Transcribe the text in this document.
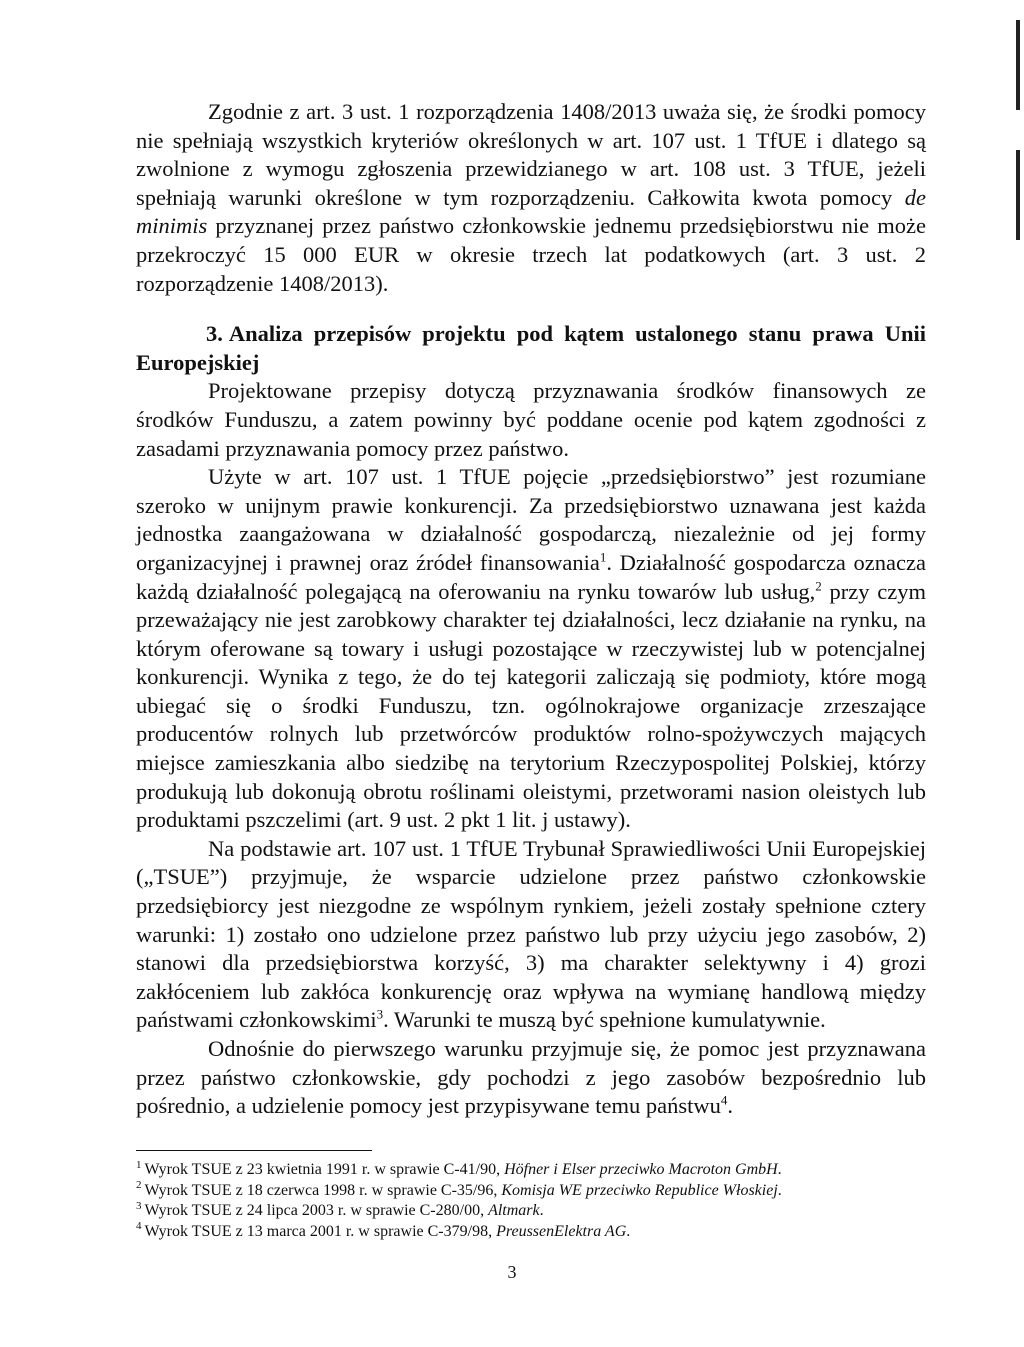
Zgodnie z art. 3 ust. 1 rozporządzenia 1408/2013 uważa się, że środki pomocy nie spełniają wszystkich kryteriów określonych w art. 107 ust. 1 TfUE i dlatego są zwolnione z wymogu zgłoszenia przewidzianego w art. 108 ust. 3 TfUE, jeżeli spełniają warunki określone w tym rozporządzeniu. Całkowita kwota pomocy de minimis przyznanej przez państwo członkowskie jednemu przedsiębiorstwu nie może przekroczyć 15 000 EUR w okresie trzech lat podatkowych (art. 3 ust. 2 rozporządzenie 1408/2013).

3. Analiza przepisów projektu pod kątem ustalonego stanu prawa Unii Europejskiej

Projektowane przepisy dotyczą przyznawania środków finansowych ze środków Funduszu, a zatem powinny być poddane ocenie pod kątem zgodności z zasadami przyznawania pomocy przez państwo.

Użyte w art. 107 ust. 1 TfUE pojęcie „przedsiębiorstwo” jest rozumiane szeroko w unijnym prawie konkurencji. Za przedsiębiorstwo uznawana jest każda jednostka zaangażowana w działalność gospodarczą, niezależnie od jej formy organizacyjnej i prawnej oraz źródeł finansowania$^1$. Działalność gospodarcza oznacza każdą działalność polegającą na oferowaniu na rynku towarów lub usług,$^2$ przy czym przeważający nie jest zarobkowy charakter tej działalności, lecz działanie na rynku, na którym oferowane są towary i usługi pozostające w rzeczywistej lub w potencjalnej konkurencji. Wynika z tego, że do tej kategorii zaliczają się podmioty, które mogą ubiegać się o środki Funduszu, tzn. ogólnokrajowe organizacje zrzeszające producentów rolnych lub przetwórców produktów rolno-spożywczych mających miejsce zamieszkania albo siedzibę na terytorium Rzeczypospolitej Polskiej, którzy produkują lub dokonują obrotu roślinami oleistymi, przetworami nasion oleistych lub produktami pszczelimi (art. 9 ust. 2 pkt 1 lit. j ustawy).

Na podstawie art. 107 ust. 1 TfUE Trybunał Sprawiedliwości Unii Europejskiej („TSUE”) przyjmuje, że wsparcie udzielone przez państwo członkowskie przedsiębiorcy jest niezgodne ze wspólnym rynkiem, jeżeli zostały spełnione cztery warunki: 1) zostało ono udzielone przez państwo lub przy użyciu jego zasobów, 2) stanowi dla przedsiębiorstwa korzyść, 3) ma charakter selektywny i 4) grozi zakłóceniem lub zakłóca konkurencję oraz wpływa na wymianę handlową między państwami członkowskimi$^3$. Warunki te muszą być spełnione kumulatywnie.

Odnośnie do pierwszego warunku przyjmuje się, że pomoc jest przyznawana przez państwo członkowskie, gdy pochodzi z jego zasobów bezpośrednio lub pośrednio, a udzielenie pomocy jest przypisywane temu państwu$^4$.

$^1$ Wyrok TSUE z 23 kwietnia 1991 r. w sprawie C-41/90, Höfner i Elser przeciwko Macroton GmbH.
$^2$ Wyrok TSUE z 18 czerwca 1998 r. w sprawie C-35/96, Komisja WE przeciwko Republice Włoskiej.
$^3$ Wyrok TSUE z 24 lipca 2003 r. w sprawie C-280/00, Altmark.
$^4$ Wyrok TSUE z 13 marca 2001 r. w sprawie C-379/98, PreussenElektra AG.
3
